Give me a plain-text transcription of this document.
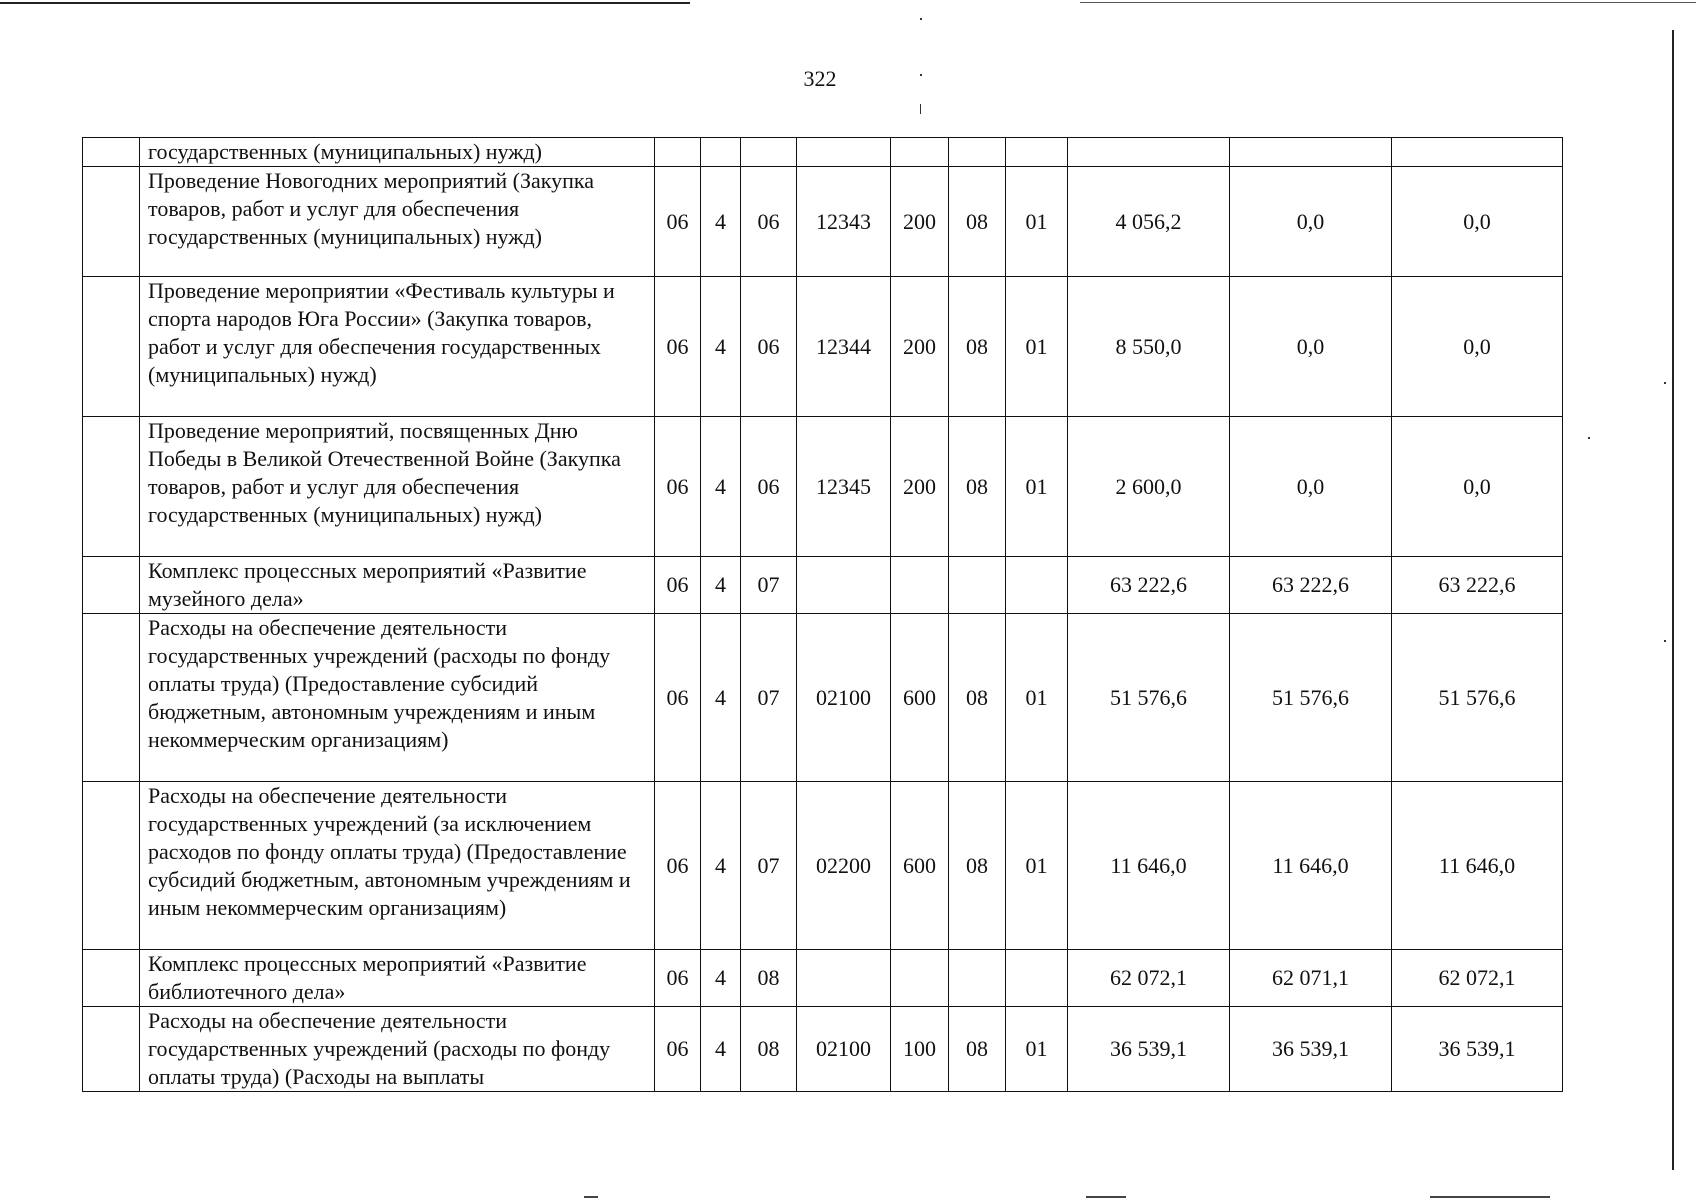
322
	государственных (муниципальных) нужд)										
	Проведение Новогодних мероприятий (Закупка товаров, работ и услуг для обеспечения государственных (муниципальных) нужд)	06	4	06	12343	200	08	01	4 056,2	0,0	0,0
	Проведение мероприятии «Фестиваль культуры и спорта народов Юга России» (Закупка товаров, работ и услуг для обеспечения государственных (муниципальных) нужд)	06	4	06	12344	200	08	01	8 550,0	0,0	0,0
	Проведение мероприятий, посвященных Дню Победы в Великой Отечественной Войне (Закупка товаров, работ и услуг для обеспечения государственных (муниципальных) нужд)	06	4	06	12345	200	08	01	2 600,0	0,0	0,0
	Комплекс процессных мероприятий «Развитие музейного дела»	06	4	07					63 222,6	63 222,6	63 222,6
	Расходы на обеспечение деятельности государственных учреждений (расходы по фонду оплаты труда) (Предоставление субсидий бюджетным, автономным учреждениям и иным некоммерческим организациям)	06	4	07	02100	600	08	01	51 576,6	51 576,6	51 576,6
	Расходы на обеспечение деятельности государственных учреждений (за исключением расходов по фонду оплаты труда) (Предоставление субсидий бюджетным, автономным учреждениям и иным некоммерческим организациям)	06	4	07	02200	600	08	01	11 646,0	11 646,0	11 646,0
	Комплекс процессных мероприятий «Развитие библиотечного дела»	06	4	08					62 072,1	62 071,1	62 072,1
	Расходы на обеспечение деятельности государственных учреждений (расходы по фонду оплаты труда) (Расходы на выплаты	06	4	08	02100	100	08	01	36 539,1	36 539,1	36 539,1
